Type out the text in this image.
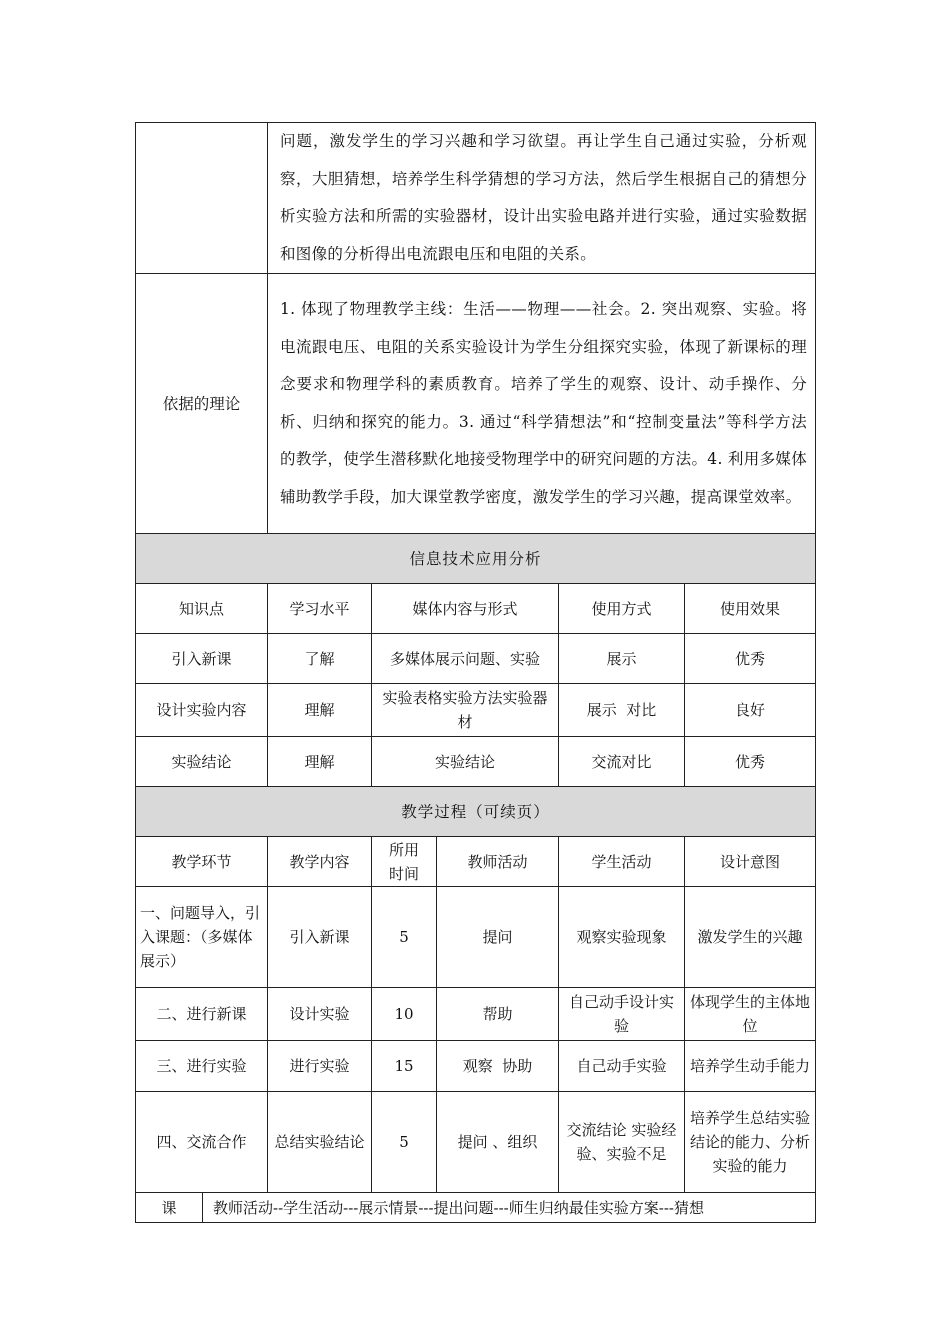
		问题，激发学生的学习兴趣和学习欲望。再让学生自己通过实验，分析观察，大胆猜想，培养学生科学猜想的学习方法，然后学生根据自己的猜想分析实验方法和所需的实验器材，设计出实验电路并进行实验，通过实验数据和图像的分析得出电流跟电压和电阻的关系。				
依据的理论		1. 体现了物理教学主线：生活——物理——社会。2. 突出观察、实验。将电流跟电压、电阻的关系实验设计为学生分组探究实验，体现了新课标的理念要求和物理学科的素质教育。培养了学生的观察、设计、动手操作、分析、归纳和探究的能力。3. 通过“科学猜想法”和“控制变量法”等科学方法的教学，使学生潜移默化地接受物理学中的研究问题的方法。4. 利用多媒体辅助教学手段，加大课堂教学密度，激发学生的学习兴趣，提高课堂效率。				
信息技术应用分析						
知识点		学习水平	媒体内容与形式		使用方式	使用效果
引入新课		了解	多媒体展示问题、实验		展示	优秀
设计实验内容		理解	实验表格实验方法实验器材		展示  对比	良好
实验结论		理解	实验结论		交流对比	优秀
教学过程（可续页）						
教学环节		教学内容	所用时间	教师活动	学生活动	设计意图
一、问题导入，引入课题：（多媒体展示）		引入新课	5	提问	观察实验现象	激发学生的兴趣
二、进行新课		设计实验	10	帮助	自己动手设计实验	体现学生的主体地位
三、进行实验		进行实验	15	观察  协助	自己动手实验	培养学生动手能力
四、交流合作		总结实验结论	5	提问 、组织	交流结论 实验经验、实验不足	培养学生总结实验结论的能力、分析实验的能力
课	教师活动--学生活动---展示情景---提出问题---师生归纳最佳实验方案---猜想					
